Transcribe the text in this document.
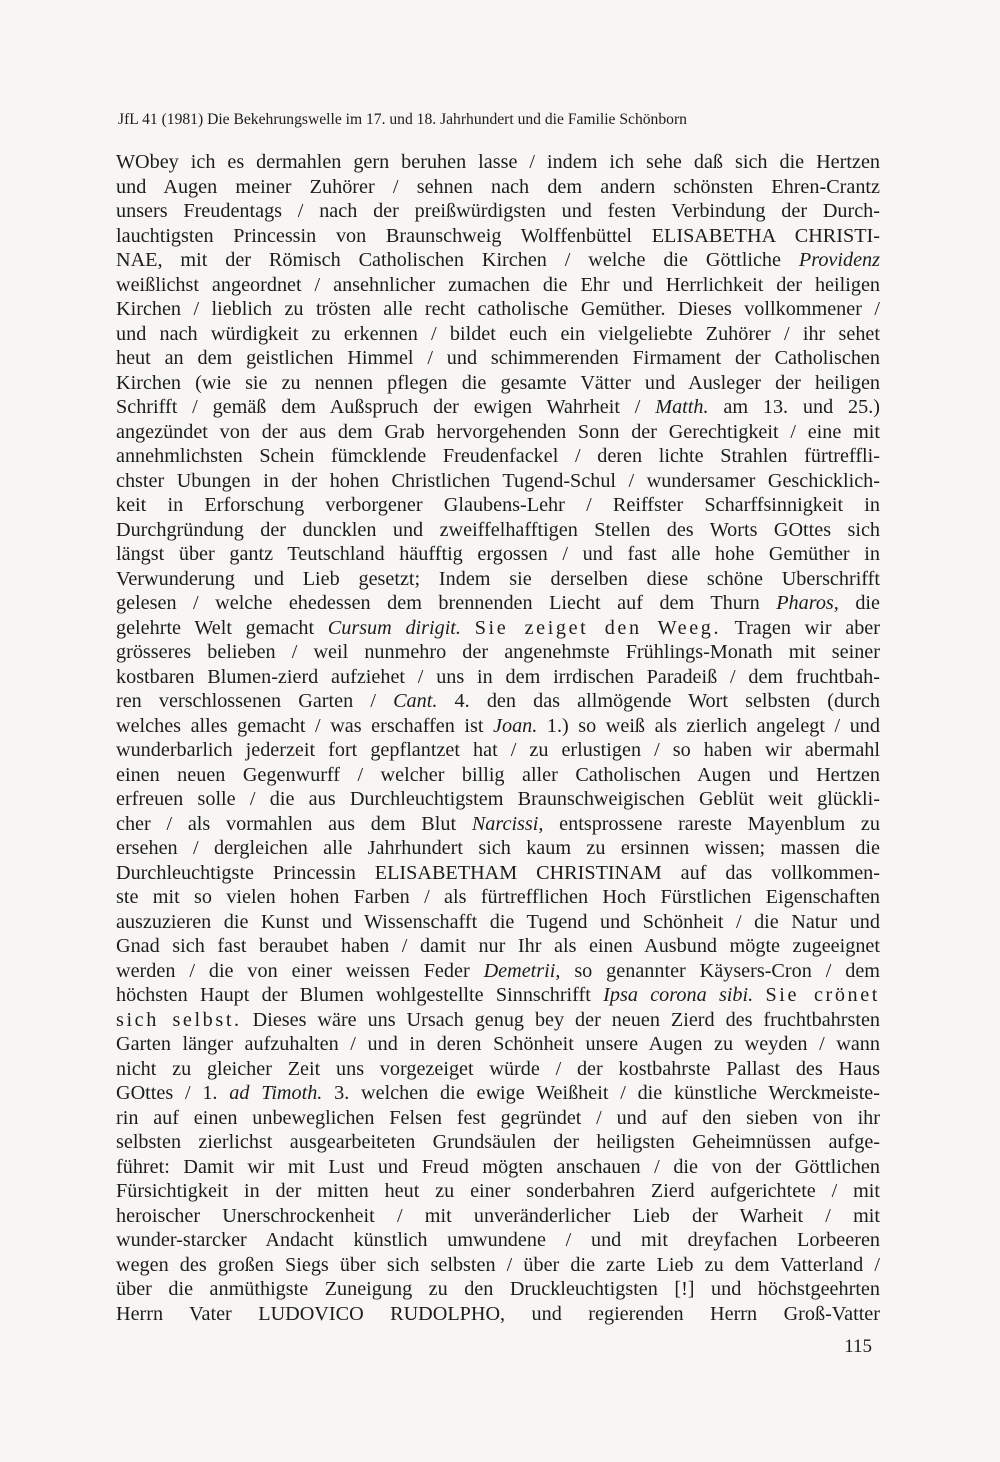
JfL 41 (1981) Die Bekehrungswelle im 17. und 18. Jahrhundert und die Familie Schönborn
WObey ich es dermahlen gern beruhen lasse / indem ich sehe daß sich die Hertzen
und Augen meiner Zuhörer / sehnen nach dem andern schönsten Ehren-Crantz
unsers Freudentags / nach der preißwürdigsten und festen Verbindung der Durch-
lauchtigsten Princessin von Braunschweig Wolffenbüttel ELISABETHA CHRISTI-
NAE, mit der Römisch Catholischen Kirchen / welche die Göttliche Providenz
weißlichst angeordnet / ansehnlicher zumachen die Ehr und Herrlichkeit der heiligen
Kirchen / lieblich zu trösten alle recht catholische Gemüther. Dieses vollkommener /
und nach würdigkeit zu erkennen / bildet euch ein vielgeliebte Zuhörer / ihr sehet
heut an dem geistlichen Himmel / und schimmerenden Firmament der Catholischen
Kirchen (wie sie zu nennen pflegen die gesamte Vätter und Ausleger der heiligen
Schrifft / gemäß dem Außspruch der ewigen Wahrheit / Matth. am 13. und 25.)
angezündet von der aus dem Grab hervorgehenden Sonn der Gerechtigkeit / eine mit
annehmlichsten Schein fümcklende Freudenfackel / deren lichte Strahlen fürtreffli-
chster Ubungen in der hohen Christlichen Tugend-Schul / wundersamer Geschicklich-
keit in Erforschung verborgener Glaubens-Lehr / Reiffster Scharffsinnigkeit in
Durchgründung der duncklen und zweiffelhafftigen Stellen des Worts GOttes sich
längst über gantz Teutschland häufftig ergossen / und fast alle hohe Gemüther in
Verwunderung und Lieb gesetzt; Indem sie derselben diese schöne Uberschrifft
gelesen / welche ehedessen dem brennenden Liecht auf dem Thurn Pharos, die
gelehrte Welt gemacht Cursum dirigit. Sie zeiget den Weeg. Tragen wir aber
grösseres belieben / weil nunmehro der angenehmste Frühlings-Monath mit seiner
kostbaren Blumen-zierd aufziehet / uns in dem irrdischen Paradeiß / dem fruchtbah-
ren verschlossenen Garten / Cant. 4. den das allmögende Wort selbsten (durch
welches alles gemacht / was erschaffen ist Joan. 1.) so weiß als zierlich angelegt / und
wunderbarlich jederzeit fort gepflantzet hat / zu erlustigen / so haben wir abermahl
einen neuen Gegenwurff / welcher billig aller Catholischen Augen und Hertzen
erfreuen solle / die aus Durchleuchtigstem Braunschweigischen Geblüt weit glückli-
cher / als vormahlen aus dem Blut Narcissi, entsprossene rareste Mayenblum zu
ersehen / dergleichen alle Jahrhundert sich kaum zu ersinnen wissen; massen die
Durchleuchtigste Princessin ELISABETHAM CHRISTINAM auf das vollkommen-
ste mit so vielen hohen Farben / als fürtrefflichen Hoch Fürstlichen Eigenschaften
auszuzieren die Kunst und Wissenschafft die Tugend und Schönheit / die Natur und
Gnad sich fast beraubet haben / damit nur Ihr als einen Ausbund mögte zugeeignet
werden / die von einer weissen Feder Demetrii, so genannter Käysers-Cron / dem
höchsten Haupt der Blumen wohlgestellte Sinnschrifft Ipsa corona sibi. Sie crönet
sich selbst. Dieses wäre uns Ursach genug bey der neuen Zierd des fruchtbahrsten
Garten länger aufzuhalten / und in deren Schönheit unsere Augen zu weyden / wann
nicht zu gleicher Zeit uns vorgezeiget würde / der kostbahrste Pallast des Haus
GOttes / 1. ad Timoth. 3. welchen die ewige Weißheit / die künstliche Werckmeiste-
rin auf einen unbeweglichen Felsen fest gegründet / und auf den sieben von ihr
selbsten zierlichst ausgearbeiteten Grundsäulen der heiligsten Geheimnüssen aufge-
führet: Damit wir mit Lust und Freud mögten anschauen / die von der Göttlichen
Fürsichtigkeit in der mitten heut zu einer sonderbahren Zierd aufgerichtete / mit
heroischer Unerschrockenheit / mit unveränderlicher Lieb der Warheit / mit
wunder-starcker Andacht künstlich umwundene / und mit dreyfachen Lorbeeren
wegen des großen Siegs über sich selbsten / über die zarte Lieb zu dem Vatterland /
über die anmüthigste Zuneigung zu den Druckleuchtigsten [!] und höchstgeehrten
Herrn Vater LUDOVICO RUDOLPHO, und regierenden Herrn Groß-Vatter
115
